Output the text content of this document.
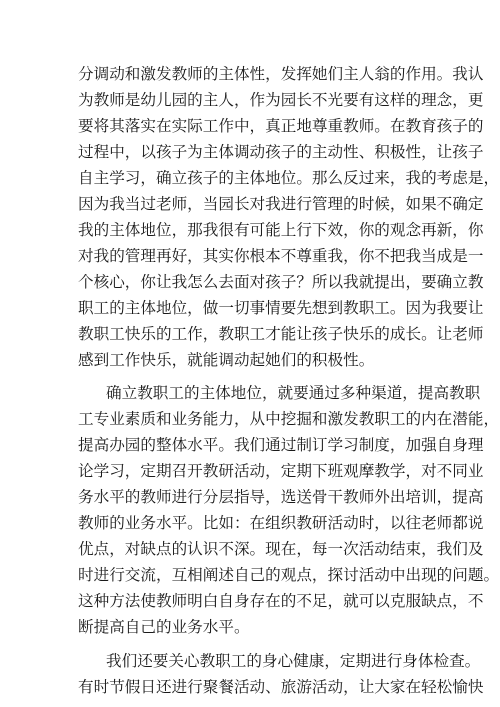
分调动和激发教师的主体性，发挥她们主人翁的作用。我认
为教师是幼儿园的主人，作为园长不光要有这样的理念，更
要将其落实在实际工作中，真正地尊重教师。在教育孩子的
过程中，以孩子为主体调动孩子的主动性、积极性，让孩子
自主学习，确立孩子的主体地位。那么反过来，我的考虑是，
因为我当过老师，当园长对我进行管理的时候，如果不确定
我的主体地位，那我很有可能上行下效，你的观念再新，你
对我的管理再好，其实你根本不尊重我，你不把我当成是一
个核心，你让我怎么去面对孩子？所以我就提出，要确立教
职工的主体地位，做一切事情要先想到教职工。因为我要让
教职工快乐的工作，教职工才能让孩子快乐的成长。让老师
感到工作快乐，就能调动起她们的积极性。
确立教职工的主体地位，就要通过多种渠道，提高教职
工专业素质和业务能力，从中挖掘和激发教职工的内在潜能，
提高办园的整体水平。我们通过制订学习制度，加强自身理
论学习，定期召开教研活动，定期下班观摩教学，对不同业
务水平的教师进行分层指导，选送骨干教师外出培训，提高
教师的业务水平。比如：在组织教研活动时，以往老师都说
优点，对缺点的认识不深。现在，每一次活动结束，我们及
时进行交流，互相阐述自己的观点，探讨活动中出现的问题。
这种方法使教师明白自身存在的不足，就可以克服缺点，不
断提高自己的业务水平。
我们还要关心教职工的身心健康，定期进行身体检查。
有时节假日还进行聚餐活动、旅游活动，让大家在轻松愉快
